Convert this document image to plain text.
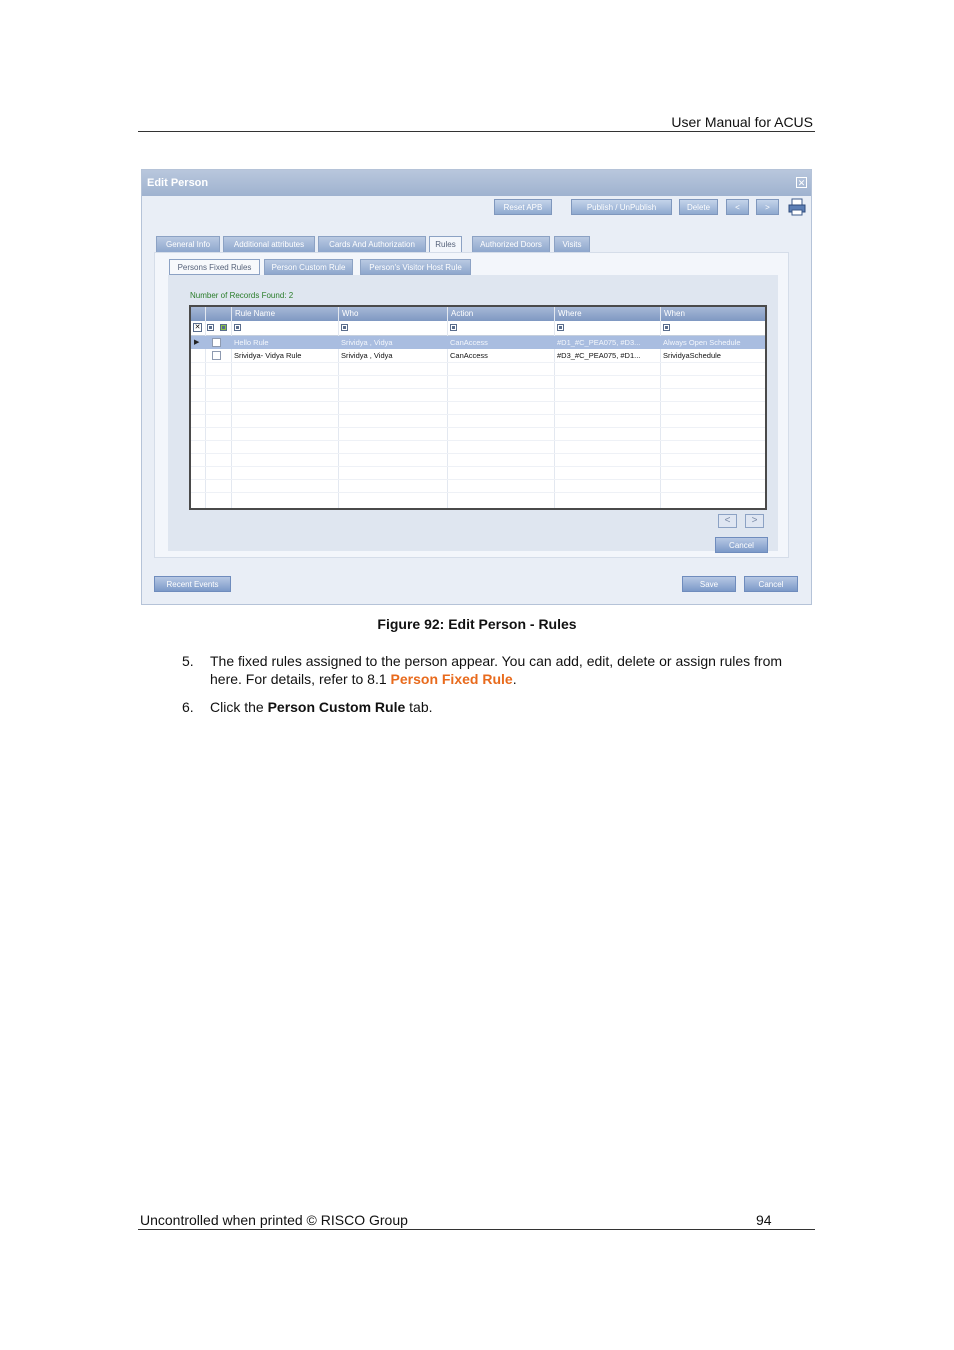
User Manual for ACUS
Edit Person	✕
Reset APB	Publish / UnPublish	Delete	<	>
General Info	Additional attributes	Cards And Authorization	Rules	Authorized Doors	Visits
Persons Fixed Rules	Person Custom Rule	Person's Visitor Host Rule
Number of Records Found: 2
Rule Name	Who	Action	Where	When
✕
▶	Hello Rule	Srividya , Vidya	CanAccess	#D1_#C_PEA075, #D3...	Always Open Schedule
Srividya- Vidya Rule	Srividya , Vidya	CanAccess	#D3_#C_PEA075, #D1...	SrividyaSchedule
<	>
Cancel
Recent Events	Save	Cancel
Figure 92: Edit Person - Rules
5. The fixed rules assigned to the person appear. You can add, edit, delete or assign rules from here. For details, refer to 8.1 Person Fixed Rule.
6. Click the Person Custom Rule tab.
Uncontrolled when printed © RISCO Group	94
